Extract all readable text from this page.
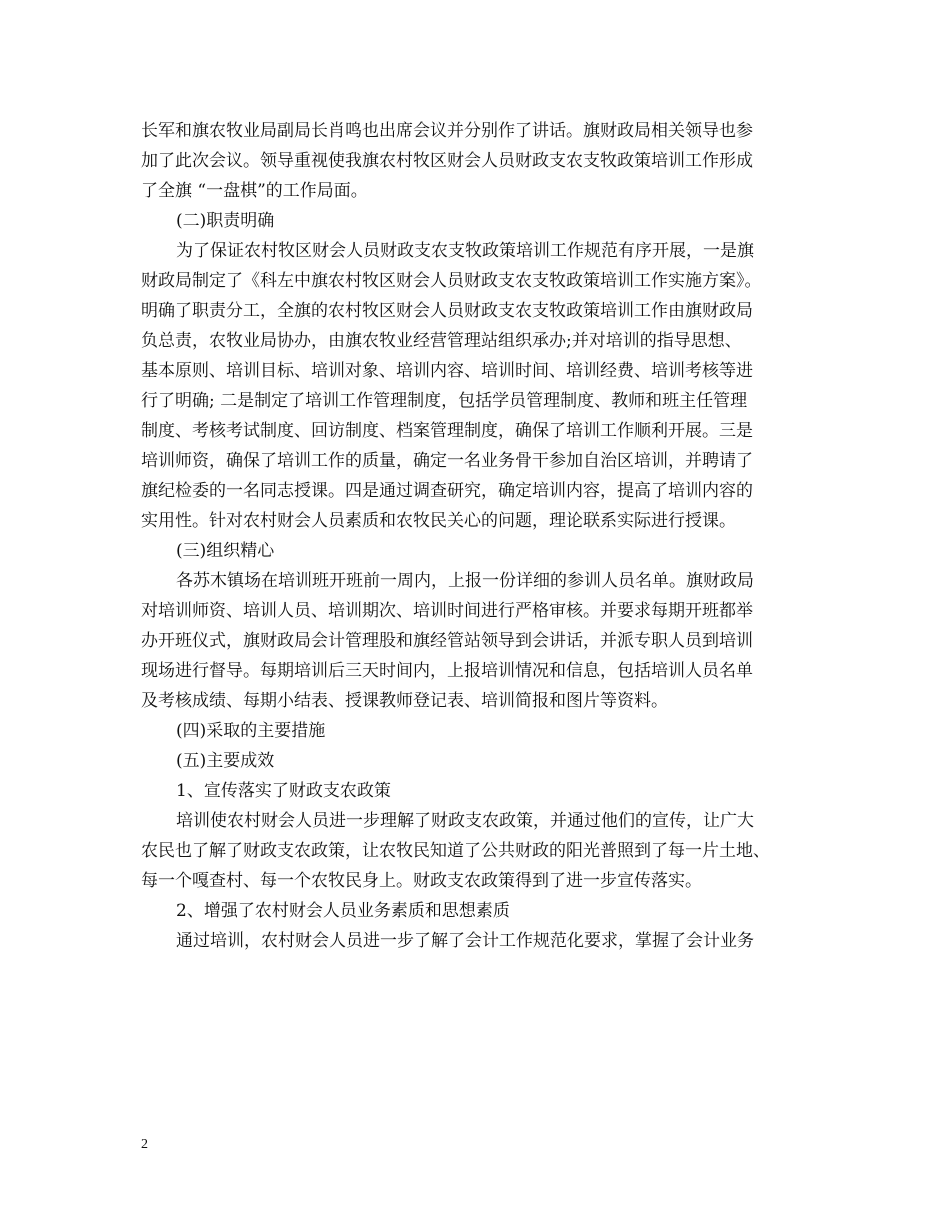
长军和旗农牧业局副局长肖鸣也出席会议并分别作了讲话。旗财政局相关领导也参
加了此次会议。领导重视使我旗农村牧区财会人员财政支农支牧政策培训工作形成
了全旗 “一盘棋”的工作局面。
(二)职责明确
为了保证农村牧区财会人员财政支农支牧政策培训工作规范有序开展，一是旗
财政局制定了《科左中旗农村牧区财会人员财政支农支牧政策培训工作实施方案》。
明确了职责分工，全旗的农村牧区财会人员财政支农支牧政策培训工作由旗财政局
负总责，农牧业局协办，由旗农牧业经营管理站组织承办;并对培训的指导思想、
基本原则、培训目标、培训对象、培训内容、培训时间、培训经费、培训考核等进
行了明确; 二是制定了培训工作管理制度，包括学员管理制度、教师和班主任管理
制度、考核考试制度、回访制度、档案管理制度，确保了培训工作顺利开展。三是
培训师资，确保了培训工作的质量，确定一名业务骨干参加自治区培训，并聘请了
旗纪检委的一名同志授课。四是通过调查研究，确定培训内容，提高了培训内容的
实用性。针对农村财会人员素质和农牧民关心的问题，理论联系实际进行授课。
(三)组织精心
各苏木镇场在培训班开班前一周内，上报一份详细的参训人员名单。旗财政局
对培训师资、培训人员、培训期次、培训时间进行严格审核。并要求每期开班都举
办开班仪式，旗财政局会计管理股和旗经管站领导到会讲话，并派专职人员到培训
现场进行督导。每期培训后三天时间内，上报培训情况和信息，包括培训人员名单
及考核成绩、每期小结表、授课教师登记表、培训简报和图片等资料。
(四)采取的主要措施
(五)主要成效
1、宣传落实了财政支农政策
培训使农村财会人员进一步理解了财政支农政策，并通过他们的宣传，让广大
农民也了解了财政支农政策，让农牧民知道了公共财政的阳光普照到了每一片土地、
每一个嘎查村、每一个农牧民身上。财政支农政策得到了进一步宣传落实。
2、增强了农村财会人员业务素质和思想素质
通过培训，农村财会人员进一步了解了会计工作规范化要求，掌握了会计业务
2
